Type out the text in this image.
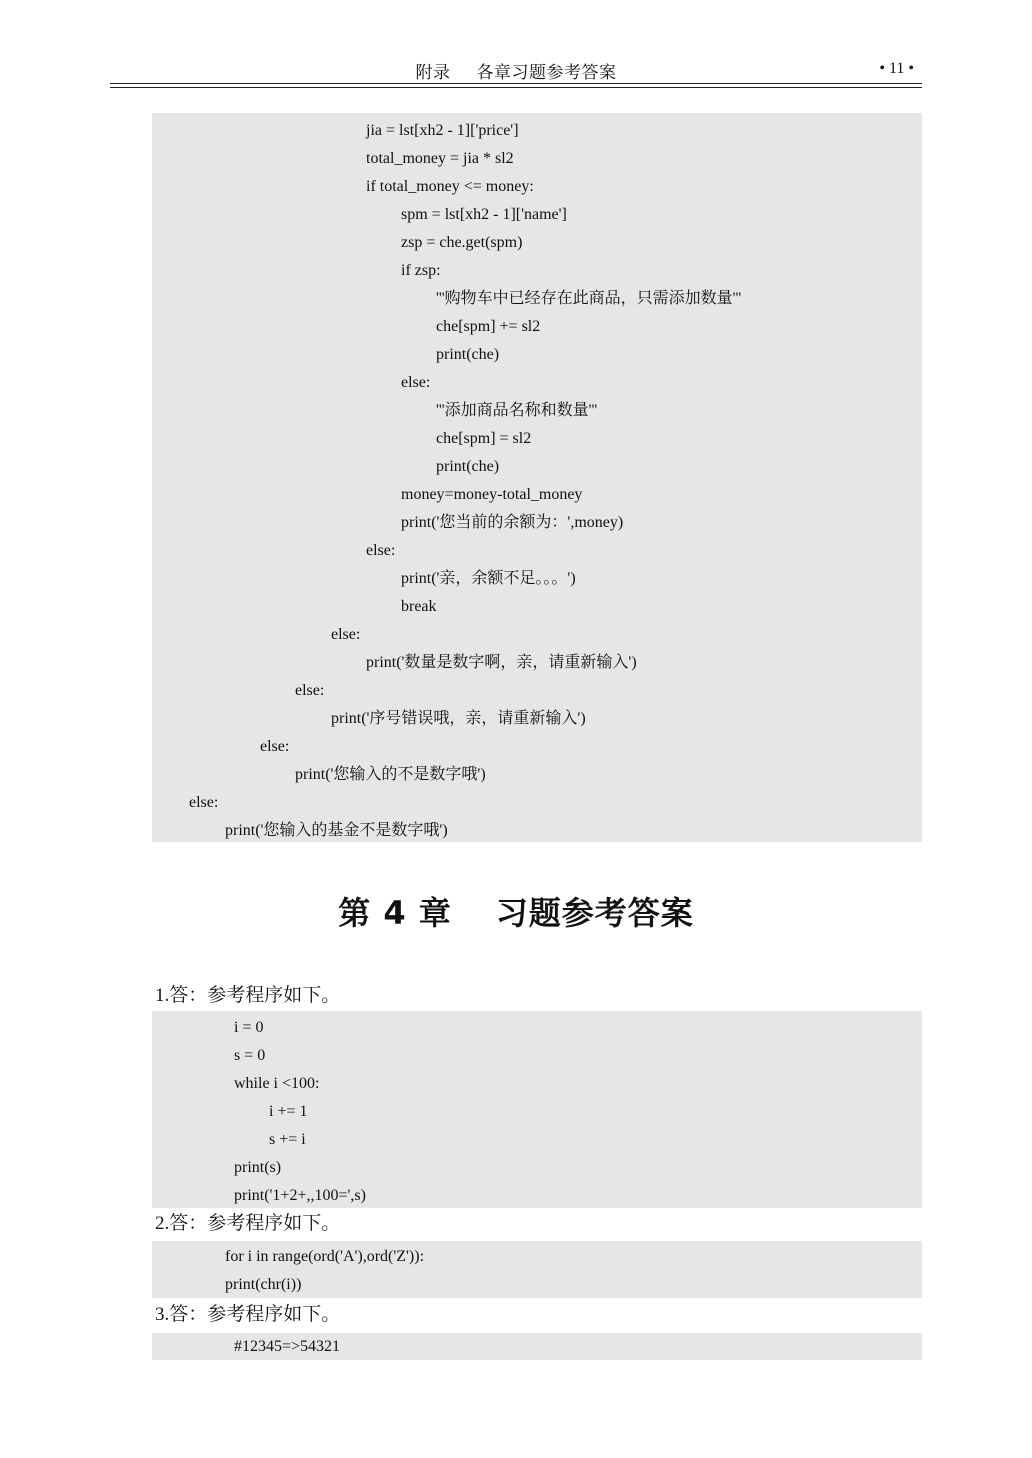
附录 各章习题参考答案	• 11 •
jia = lst[xh2 - 1]['price']
total_money = jia * sl2
if total_money <= money:
spm = lst[xh2 - 1]['name']
zsp = che.get(spm)
if zsp:
'''购物车中已经存在此商品，只需添加数量'''
che[spm] += sl2
print(che)
else:
'''添加商品名称和数量'''
che[spm] = sl2
print(che)
money=money-total_money
print('您当前的余额为：',money)
else:
print('亲，余额不足。。。')
break
else:
print('数量是数字啊，亲，请重新输入')
else:
print('序号错误哦，亲，请重新输入')
else:
print('您输入的不是数字哦')
else:
print('您输入的基金不是数字哦')
第 4 章 习题参考答案
1.答：参考程序如下。
i = 0
s = 0
while i <100:
i += 1
s += i
print(s)
print('1+2+,,100=',s)
2.答：参考程序如下。
for i in range(ord('A'),ord('Z')):
print(chr(i))
3.答：参考程序如下。
#12345=>54321
